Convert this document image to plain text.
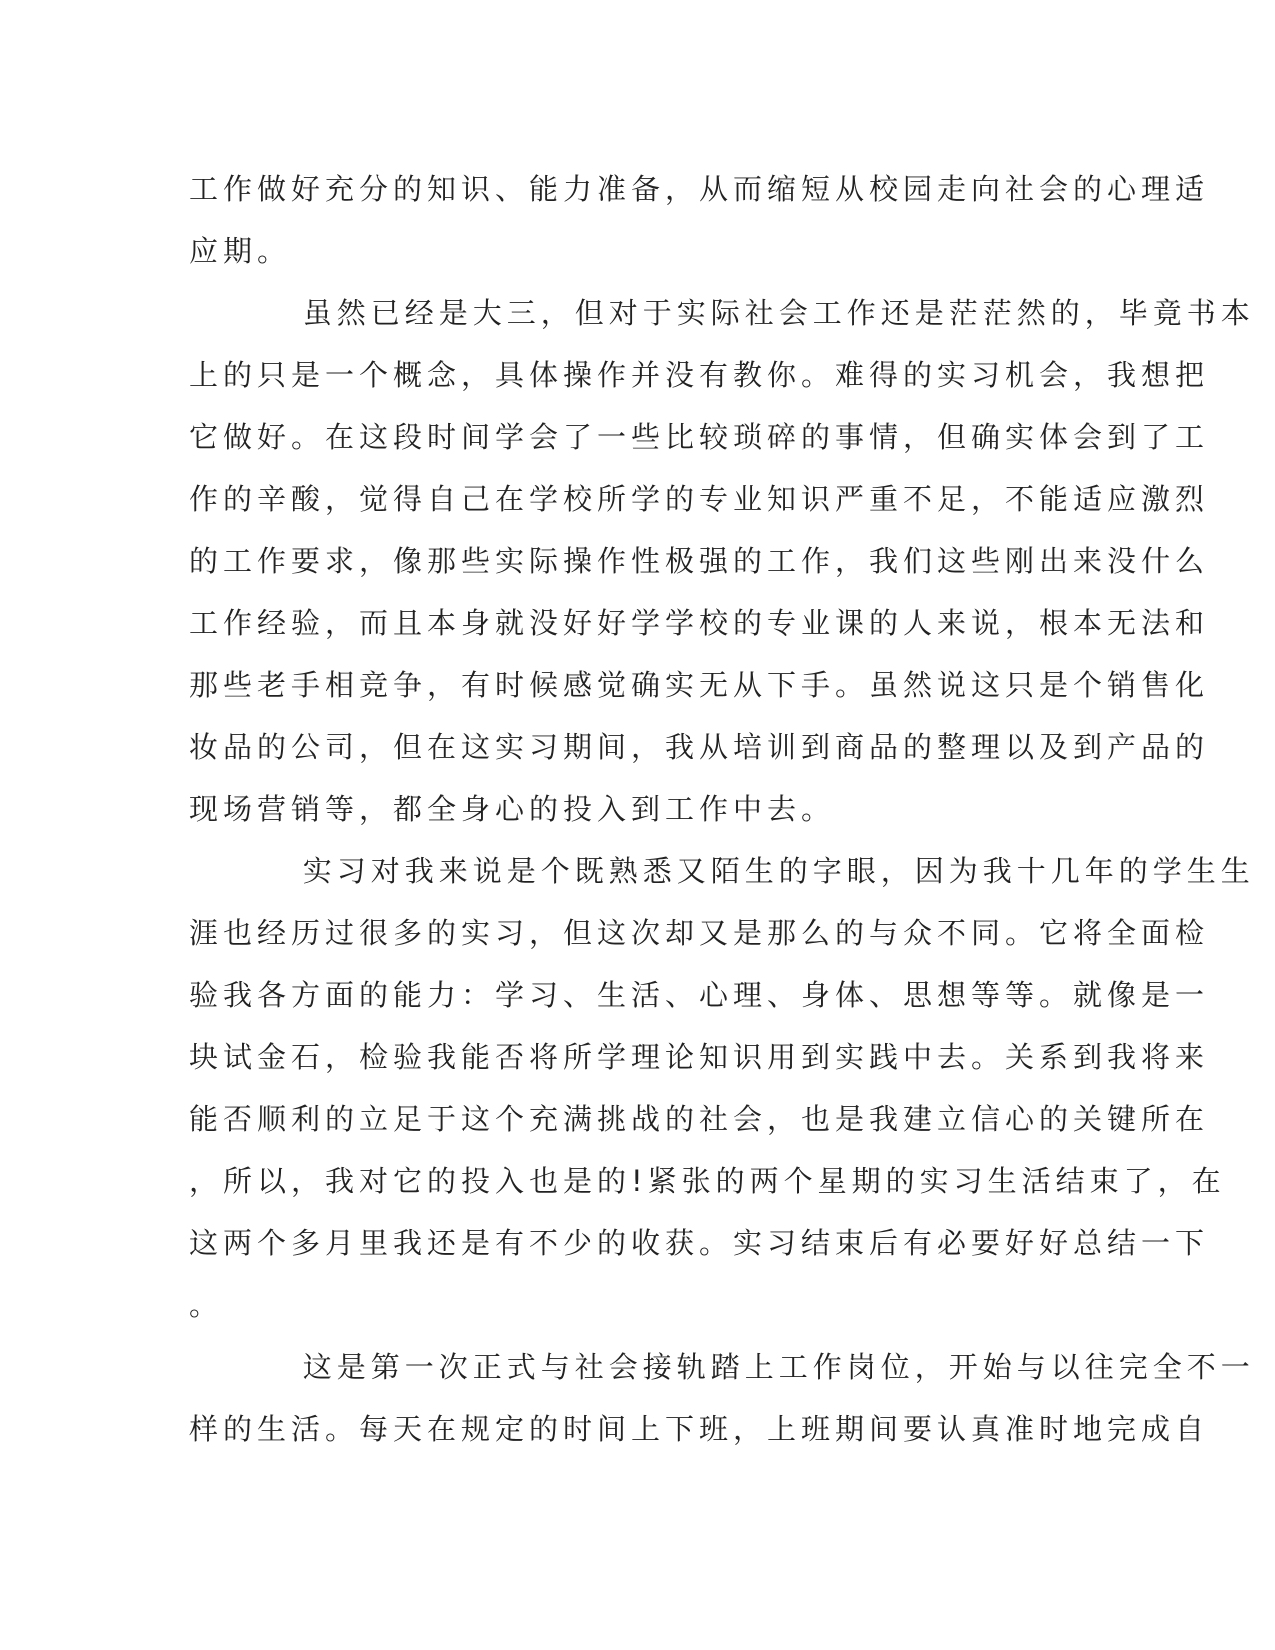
工作做好充分的知识、能力准备，从而缩短从校园走向社会的心理适
应期。
虽然已经是大三，但对于实际社会工作还是茫茫然的，毕竟书本
上的只是一个概念，具体操作并没有教你。难得的实习机会，我想把
它做好。在这段时间学会了一些比较琐碎的事情，但确实体会到了工
作的辛酸，觉得自己在学校所学的专业知识严重不足，不能适应激烈
的工作要求，像那些实际操作性极强的工作，我们这些刚出来没什么
工作经验，而且本身就没好好学学校的专业课的人来说，根本无法和
那些老手相竞争，有时候感觉确实无从下手。虽然说这只是个销售化
妆品的公司，但在这实习期间，我从培训到商品的整理以及到产品的
现场营销等，都全身心的投入到工作中去。
实习对我来说是个既熟悉又陌生的字眼，因为我十几年的学生生
涯也经历过很多的实习，但这次却又是那么的与众不同。它将全面检
验我各方面的能力：学习、生活、心理、身体、思想等等。就像是一
块试金石，检验我能否将所学理论知识用到实践中去。关系到我将来
能否顺利的立足于这个充满挑战的社会，也是我建立信心的关键所在
，所以，我对它的投入也是的!紧张的两个星期的实习生活结束了，在
这两个多月里我还是有不少的收获。实习结束后有必要好好总结一下
。
这是第一次正式与社会接轨踏上工作岗位，开始与以往完全不一
样的生活。每天在规定的时间上下班，上班期间要认真准时地完成自
